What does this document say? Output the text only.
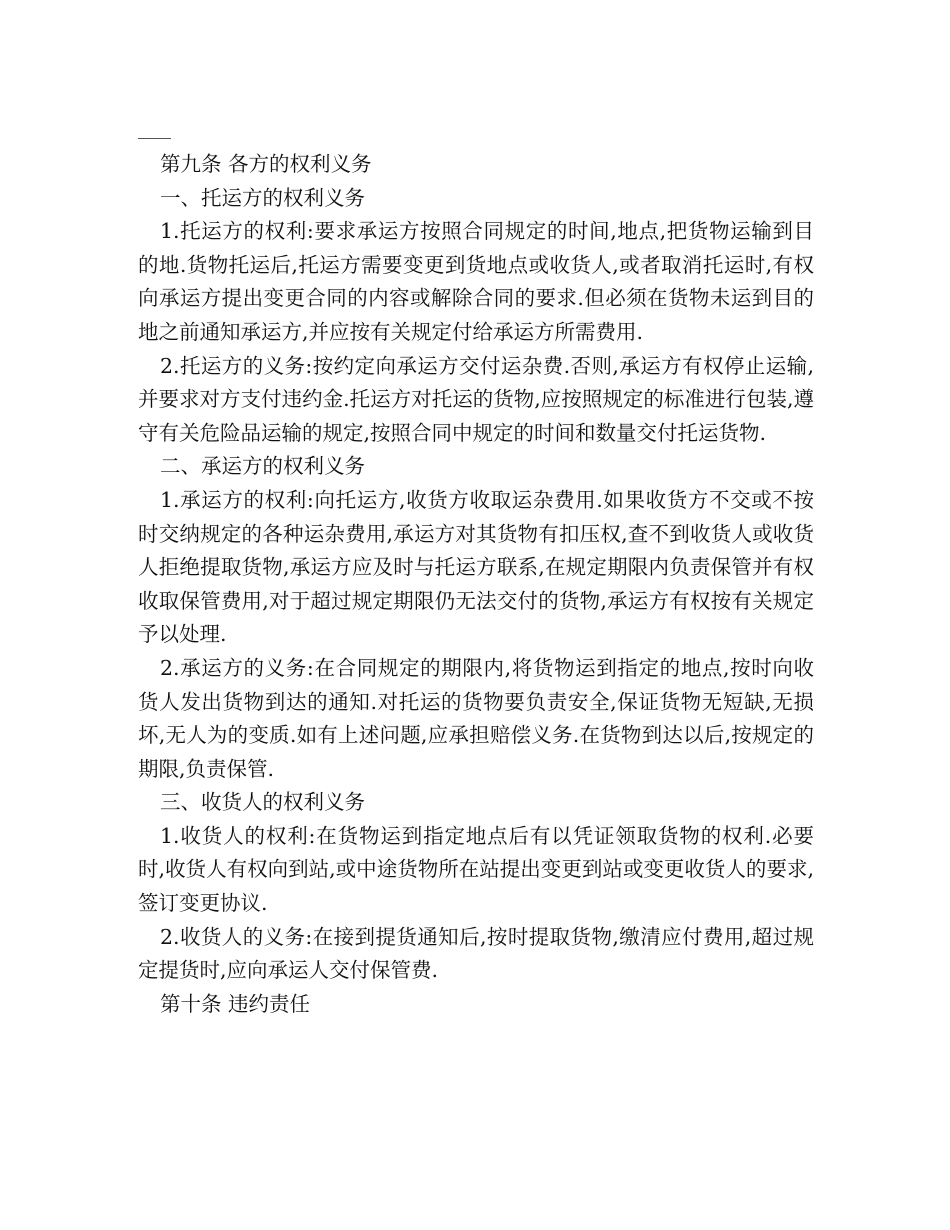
第九条 各方的权利义务

一、托运方的权利义务

1.托运方的权利:要求承运方按照合同规定的时间,地点,把货物运输到目的地.货物托运后,托运方需要变更到货地点或收货人,或者取消托运时,有权向承运方提出变更合同的内容或解除合同的要求.但必须在货物未运到目的地之前通知承运方,并应按有关规定付给承运方所需费用.

2.托运方的义务:按约定向承运方交付运杂费.否则,承运方有权停止运输,并要求对方支付违约金.托运方对托运的货物,应按照规定的标准进行包装,遵守有关危险品运输的规定,按照合同中规定的时间和数量交付托运货物.

二、承运方的权利义务

1.承运方的权利:向托运方,收货方收取运杂费用.如果收货方不交或不按时交纳规定的各种运杂费用,承运方对其货物有扣压权,查不到收货人或收货人拒绝提取货物,承运方应及时与托运方联系,在规定期限内负责保管并有权收取保管费用,对于超过规定期限仍无法交付的货物,承运方有权按有关规定予以处理.

2.承运方的义务:在合同规定的期限内,将货物运到指定的地点,按时向收货人发出货物到达的通知.对托运的货物要负责安全,保证货物无短缺,无损坏,无人为的变质.如有上述问题,应承担赔偿义务.在货物到达以后,按规定的期限,负责保管.

三、收货人的权利义务

1.收货人的权利:在货物运到指定地点后有以凭证领取货物的权利.必要时,收货人有权向到站,或中途货物所在站提出变更到站或变更收货人的要求,签订变更协议.

2.收货人的义务:在接到提货通知后,按时提取货物,缴清应付费用,超过规定提货时,应向承运人交付保管费.

第十条 违约责任
